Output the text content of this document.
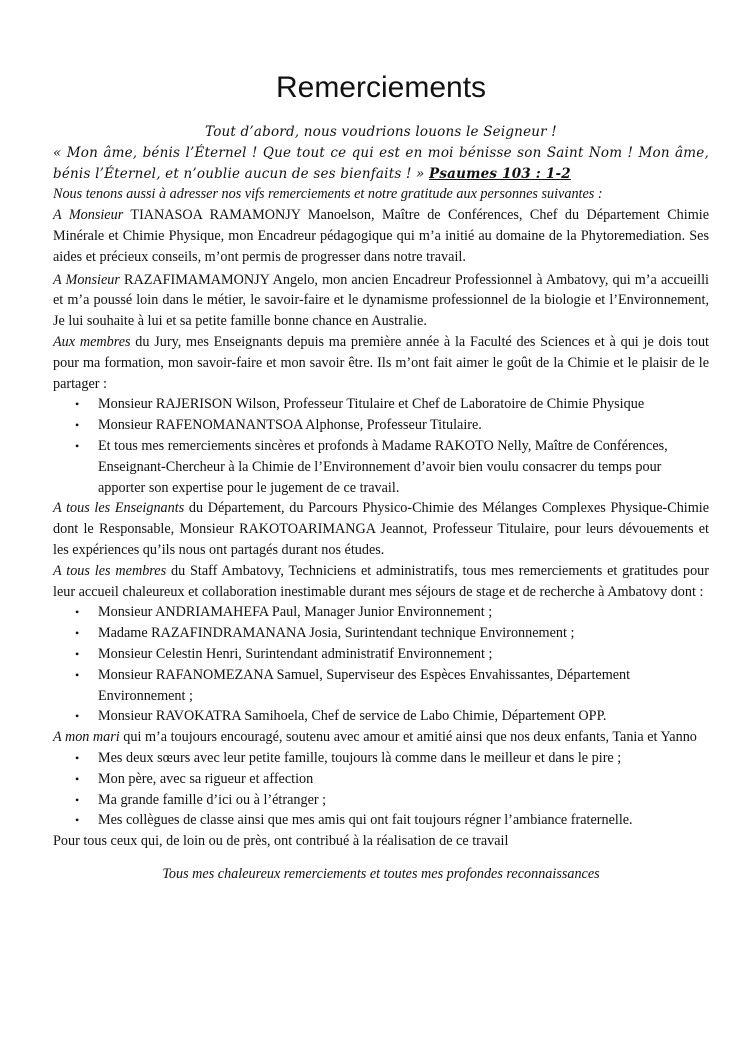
Remerciements

Tout d’abord, nous voudrions louons le Seigneur !

« Mon âme, bénis l’Éternel ! Que tout ce qui est en moi bénisse son Saint Nom ! Mon âme, bénis l’Éternel, et n’oublie aucun de ses bienfaits ! » Psaumes 103 : 1-2

Nous tenons aussi à adresser nos vifs remerciements et notre gratitude aux personnes suivantes :

A Monsieur TIANASOA RAMAMONJY Manoelson, Maître de Conférences, Chef du Département Chimie Minérale et Chimie Physique, mon Encadreur pédagogique qui m’a initié au domaine de la Phytoremediation. Ses aides et précieux conseils, m’ont permis de progresser dans notre travail.

A Monsieur RAZAFIMAMAMONJY Angelo, mon ancien Encadreur Professionnel à Ambatovy, qui m’a accueilli et m’a poussé loin dans le métier, le savoir-faire et le dynamisme professionnel de la biologie et l’Environnement, Je lui souhaite à lui et sa petite famille bonne chance en Australie.

Aux membres du Jury, mes Enseignants depuis ma première année à la Faculté des Sciences et à qui je dois tout pour ma formation, mon savoir-faire et mon savoir être. Ils m’ont fait aimer le goût de la Chimie et le plaisir de le partager :

• Monsieur RAJERISON Wilson, Professeur Titulaire et Chef de Laboratoire de Chimie Physique
• Monsieur RAFENOMANANTSOA Alphonse, Professeur Titulaire.
• Et tous mes remerciements sincères et profonds à Madame RAKOTO Nelly, Maître de Conférences, Enseignant-Chercheur à la Chimie de l’Environnement d’avoir bien voulu consacrer du temps pour apporter son expertise pour le jugement de ce travail.

A tous les Enseignants du Département, du Parcours Physico-Chimie des Mélanges Complexes Physique-Chimie dont le Responsable, Monsieur RAKOTOARIMANGA Jeannot, Professeur Titulaire, pour leurs dévouements et les expériences qu’ils nous ont partagés durant nos études.

A tous les membres du Staff Ambatovy, Techniciens et administratifs, tous mes remerciements et gratitudes pour leur accueil chaleureux et collaboration inestimable durant mes séjours de stage et de recherche à Ambatovy dont :

• Monsieur ANDRIAMAHEFA Paul, Manager Junior Environnement ;
• Madame RAZAFINDRAMANANA Josia, Surintendant technique Environnement ;
• Monsieur Celestin Henri, Surintendant administratif Environnement ;
• Monsieur RAFANOMEZANA Samuel, Superviseur des Espèces Envahissantes, Département Environnement ;
• Monsieur RAVOKATRA Samihoela, Chef de service de Labo Chimie, Département OPP.

A mon mari qui m’a toujours encouragé, soutenu avec amour et amitié ainsi que nos deux enfants, Tania et Yanno

• Mes deux sœurs avec leur petite famille, toujours là comme dans le meilleur et dans le pire ;
• Mon père, avec sa rigueur et affection
• Ma grande famille d’ici ou à l’étranger ;
• Mes collègues de classe ainsi que mes amis qui ont fait toujours régner l’ambiance fraternelle.

Pour tous ceux qui, de loin ou de près, ont contribué à la réalisation de ce travail

Tous mes chaleureux remerciements et toutes mes profondes reconnaissances
